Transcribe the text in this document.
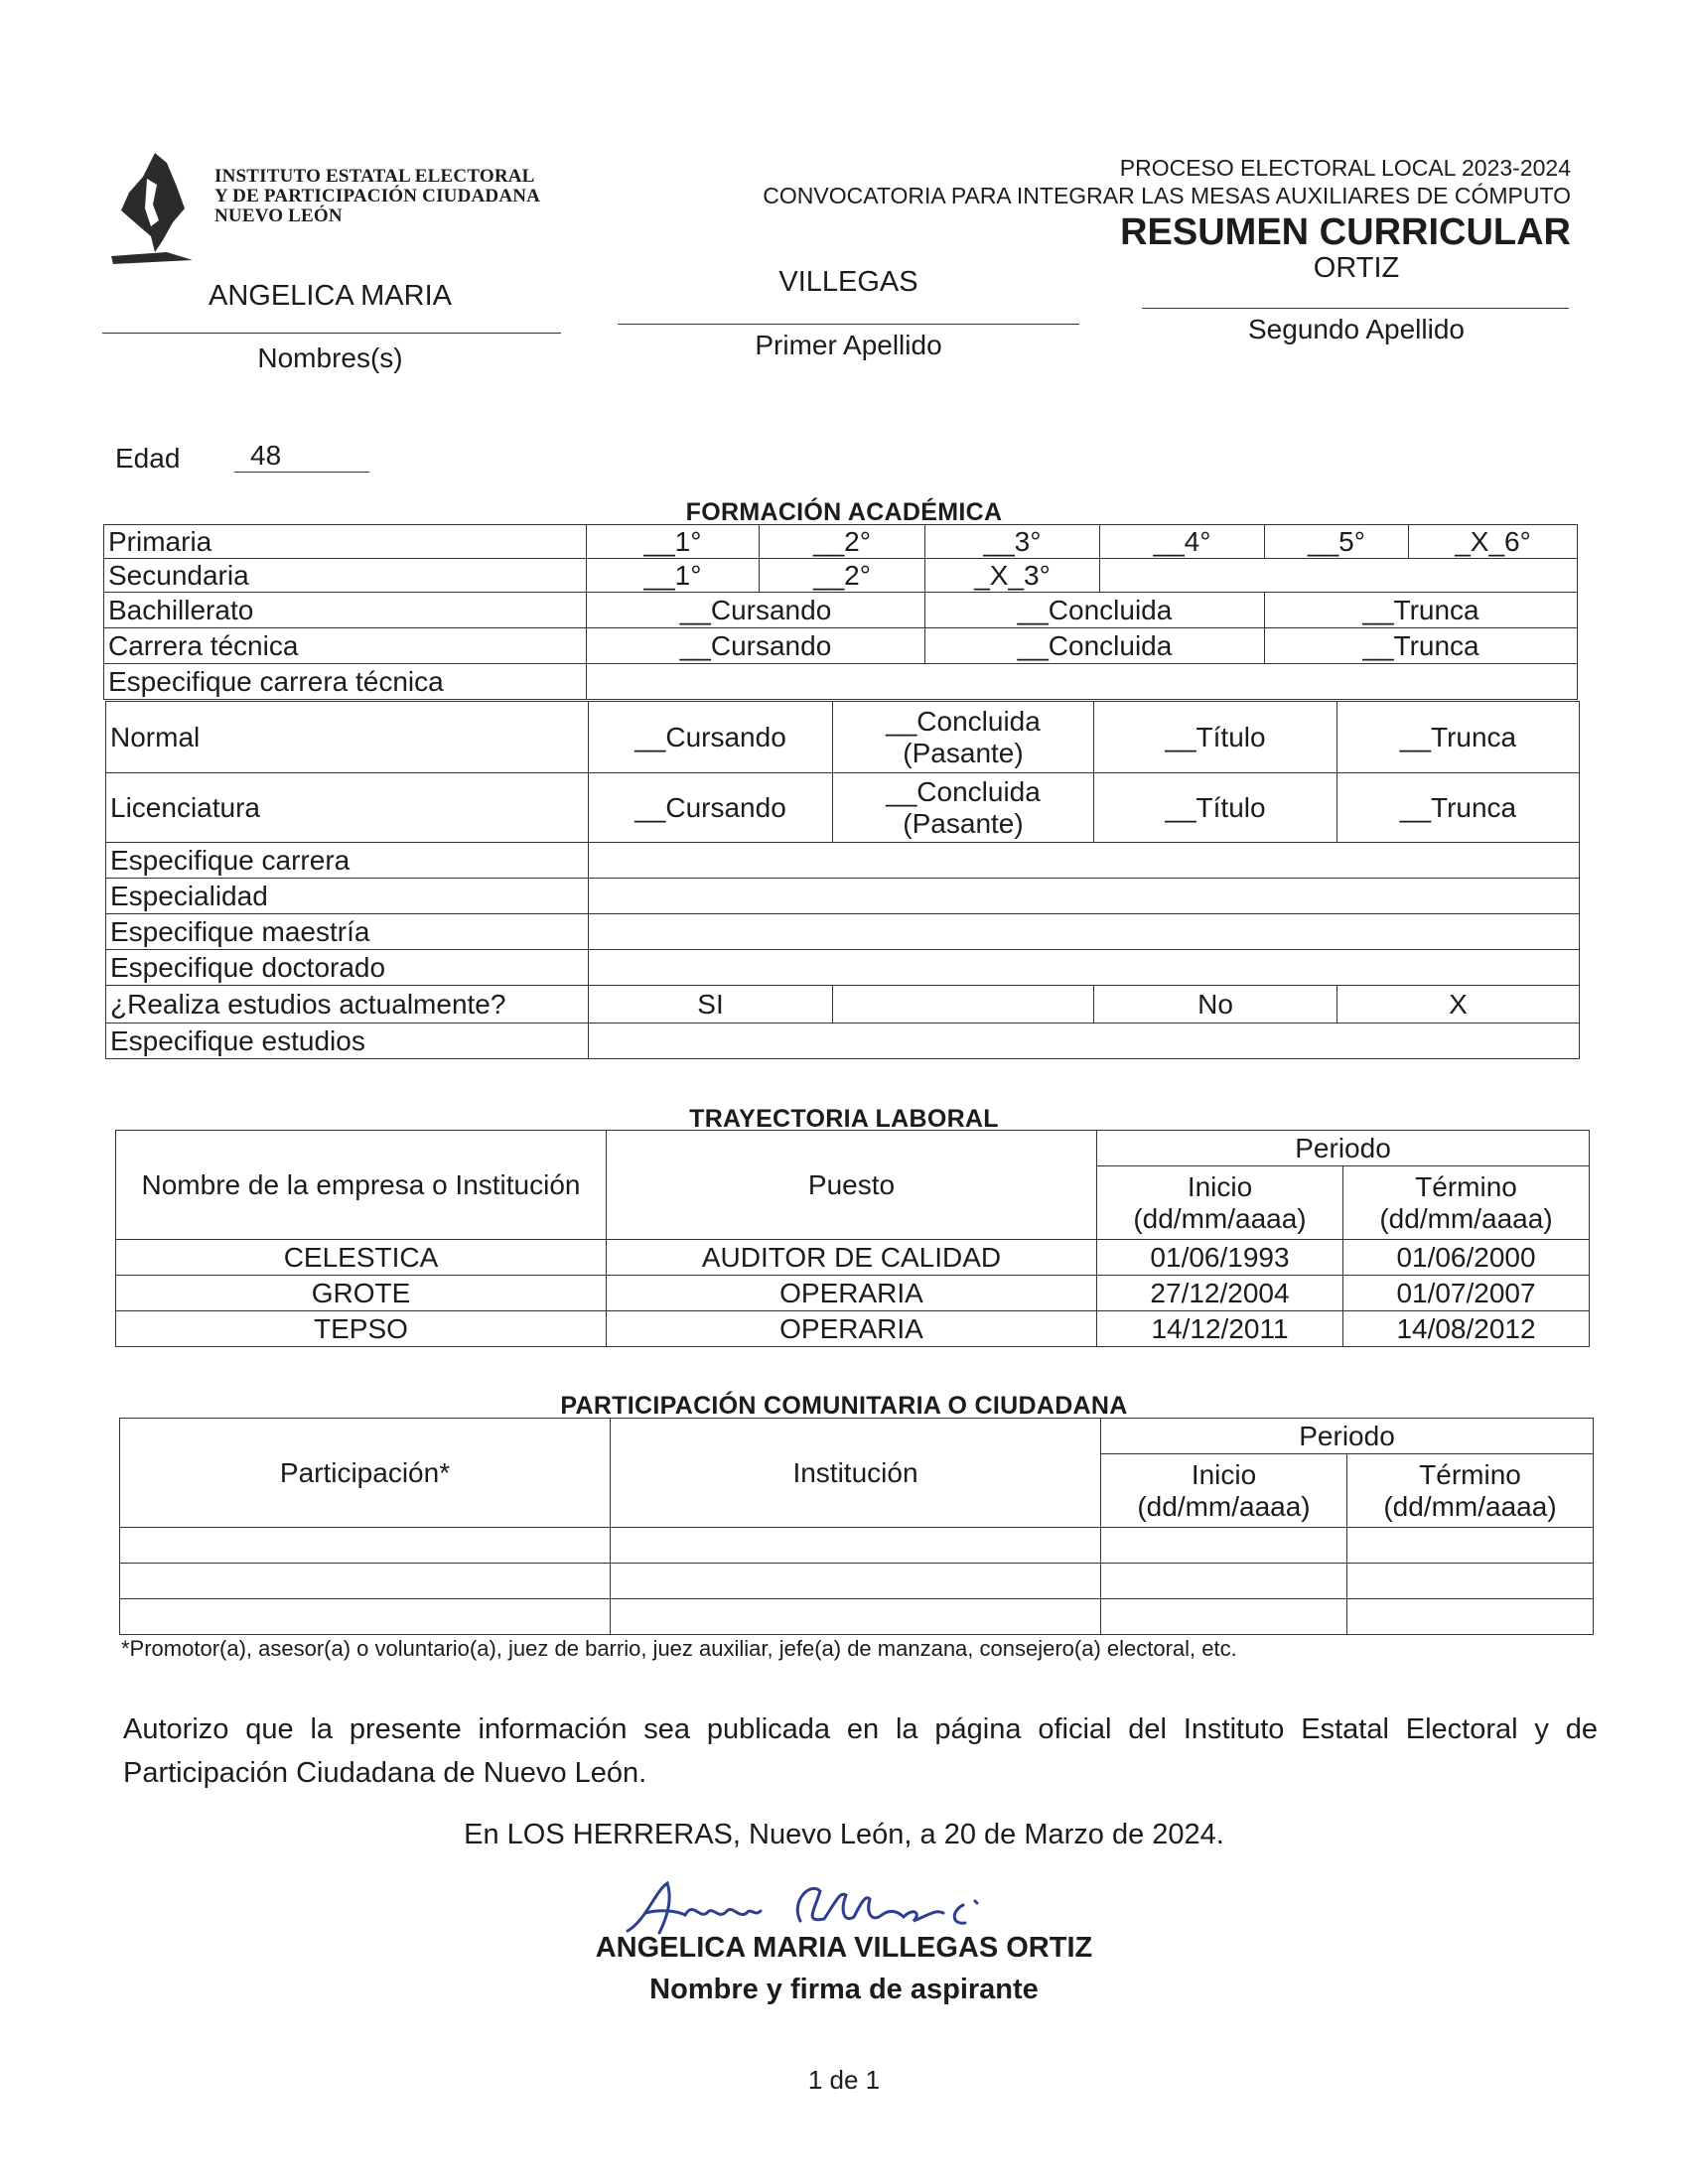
INSTITUTO ESTATAL ELECTORAL
Y DE PARTICIPACIÓN CIUDADANA
NUEVO LEÓN
PROCESO ELECTORAL LOCAL 2023-2024
CONVOCATORIA PARA INTEGRAR LAS MESAS AUXILIARES DE CÓMPUTO
RESUMEN CURRICULAR
ANGELICA MARIA	VILLEGAS	ORTIZ
Nombres(s)	Primer Apellido
Segundo Apellido
Edad	48
FORMACIÓN ACADÉMICA
Primaria	__1°	__2°	__3°	__4°	__5°	_X_6°
Secundaria	__1°	__2°	_X_3°			
Bachillerato	__Cursando		__Concluida		__Trunca	
Carrera técnica	__Cursando		__Concluida		__Trunca	
Especifique carrera técnica						
Normal	__Cursando	__Concluida (Pasante)	__Título	__Trunca
Licenciatura	__Cursando	__Concluida (Pasante)	__Título	__Trunca
Especifique carrera				
Especialidad				
Especifique maestría				
Especifique doctorado				
¿Realiza estudios actualmente?	SI		No	X
Especifique estudios				
TRAYECTORIA LABORAL
Nombre de la empresa o Institución	Puesto	Periodo	
		Inicio (dd/mm/aaaa)	Término (dd/mm/aaaa)
CELESTICA	AUDITOR DE CALIDAD	01/06/1993	01/06/2000
GROTE	OPERARIA	27/12/2004	01/07/2007
TEPSO	OPERARIA	14/12/2011	14/08/2012
PARTICIPACIÓN COMUNITARIA O CIUDADANA
Participación*	Institución	Periodo	
		Inicio (dd/mm/aaaa)	Término (dd/mm/aaaa)

*Promotor(a), asesor(a) o voluntario(a), juez de barrio, juez auxiliar, jefe(a) de manzana, consejero(a) electoral, etc.
Autorizo que la presente información sea publicada en la página oficial del Instituto Estatal Electoral y de Participación Ciudadana de Nuevo León.
En LOS HERRERAS, Nuevo León, a 20 de Marzo de 2024.
ANGELICA MARIA VILLEGAS ORTIZ
Nombre y firma de aspirante
1 de 1
